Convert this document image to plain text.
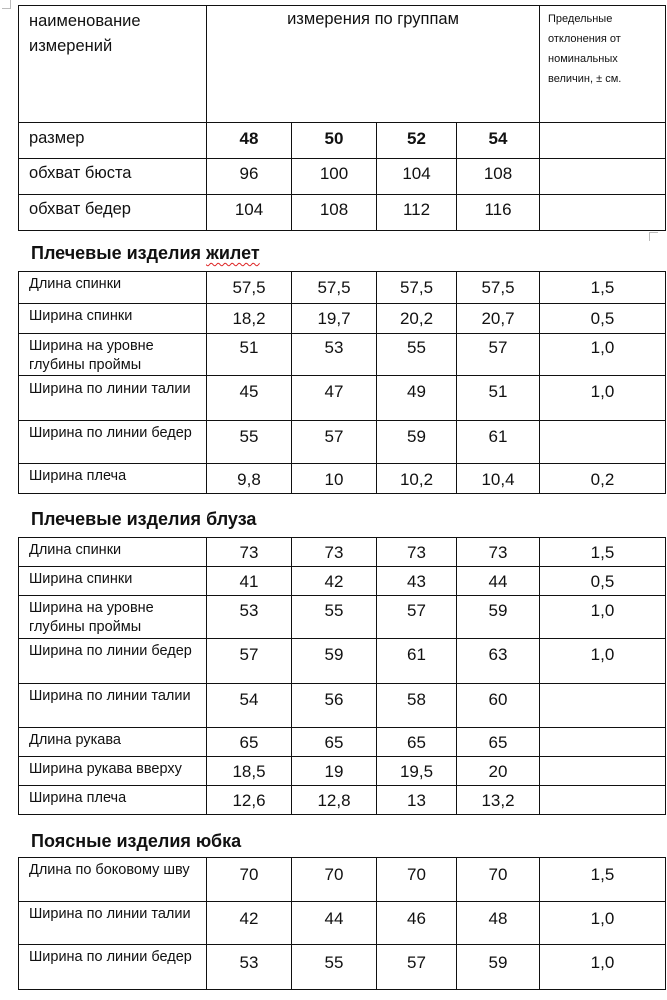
наименование измерений	измерения по группам				Предельные отклонения от номинальных величин, ± см.
размер	48	50	52	54	
обхват бюста	96	100	104	108	
обхват бедер	104	108	112	116	
Плечевые изделия жилет
Длина спинки	57,5	57,5	57,5	57,5	1,5
Ширина спинки	18,2	19,7	20,2	20,7	0,5
Ширина на уровне глубины проймы	51	53	55	57	1,0
Ширина по линии талии	45	47	49	51	1,0
Ширина по линии бедер	55	57	59	61	
Ширина плеча	9,8	10	10,2	10,4	0,2
Плечевые изделия блуза
Длина спинки	73	73	73	73	1,5
Ширина спинки	41	42	43	44	0,5
Ширина на уровне глубины проймы	53	55	57	59	1,0
Ширина по линии бедер	57	59	61	63	1,0
Ширина по линии талии	54	56	58	60	
Длина рукава	65	65	65	65	
Ширина рукава вверху	18,5	19	19,5	20	
Ширина плеча	12,6	12,8	13	13,2	
Поясные изделия юбка
Длина по боковому шву	70	70	70	70	1,5
Ширина по линии талии	42	44	46	48	1,0
Ширина по линии бедер	53	55	57	59	1,0
